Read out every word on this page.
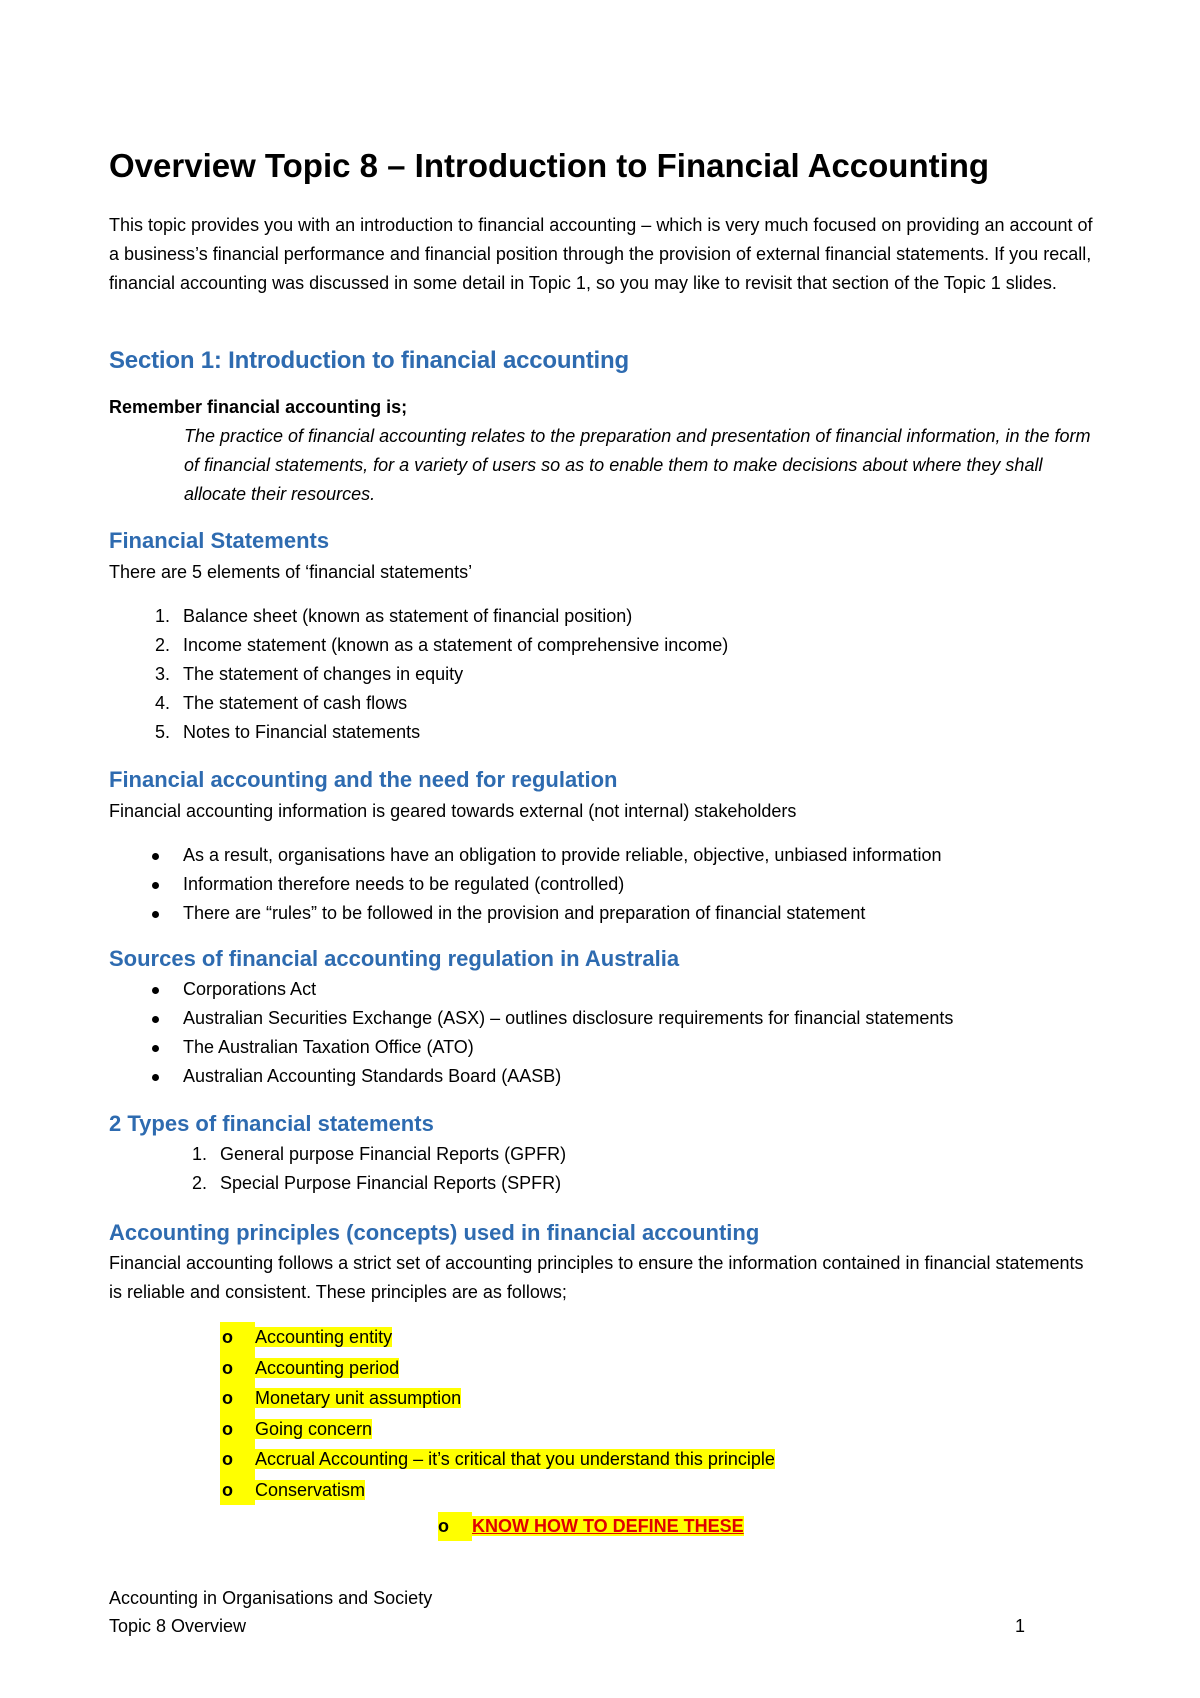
Overview Topic 8 – Introduction to Financial Accounting

This topic provides you with an introduction to financial accounting – which is very much focused on providing an account of a business’s financial performance and financial position through the provision of external financial statements. If you recall, financial accounting was discussed in some detail in Topic 1, so you may like to revisit that section of the Topic 1 slides.

Section 1: Introduction to financial accounting

Remember financial accounting is;

The practice of financial accounting relates to the preparation and presentation of financial information, in the form of financial statements, for a variety of users so as to enable them to make decisions about where they shall allocate their resources.

Financial Statements

There are 5 elements of ‘financial statements’

1. Balance sheet (known as statement of financial position)
2. Income statement (known as a statement of comprehensive income)
3. The statement of changes in equity
4. The statement of cash flows
5. Notes to Financial statements
Financial accounting and the need for regulation

Financial accounting information is geared towards external (not internal) stakeholders

As a result, organisations have an obligation to provide reliable, objective, unbiased information
Information therefore needs to be regulated (controlled)
There are “rules” to be followed in the provision and preparation of financial statement
Sources of financial accounting regulation in Australia
Corporations Act
Australian Securities Exchange (ASX) – outlines disclosure requirements for financial statements
The Australian Taxation Office (ATO)
Australian Accounting Standards Board (AASB)
2 Types of financial statements
1. General purpose Financial Reports (GPFR)
2. Special Purpose Financial Reports (SPFR)
Accounting principles (concepts) used in financial accounting

Financial accounting follows a strict set of accounting principles to ensure the information contained in financial statements is reliable and consistent. These principles are as follows;

o	Accounting entity
o	Accounting period
o	Monetary unit assumption
o	Going concern
o	Accrual Accounting – it’s critical that you understand this principle
o	Conservatism
o KNOW HOW TO DEFINE THESE
Accounting in Organisations and Society
Topic 8 Overview	1
